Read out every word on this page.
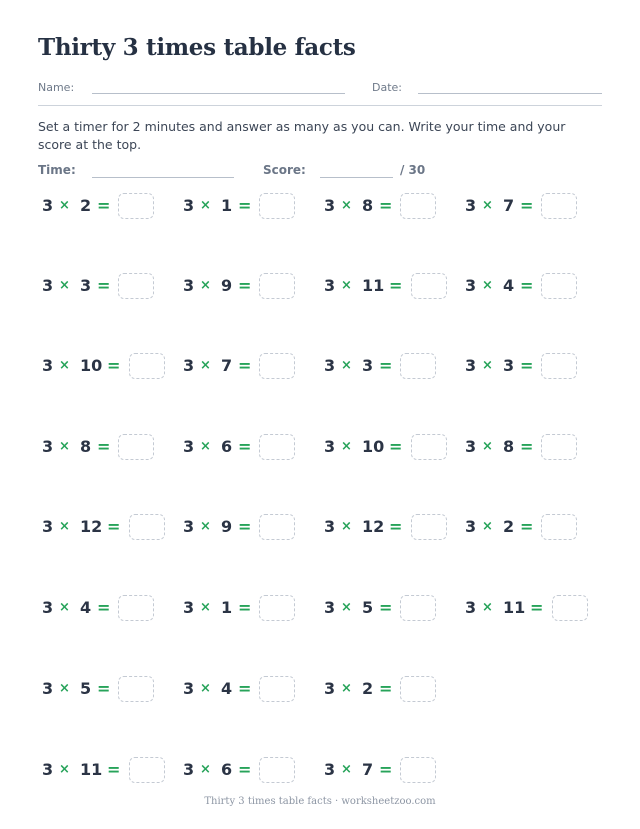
Thirty 3 times table facts
Name:	Date:
Set a timer for 2 minutes and answer as many as you can. Write your time and your score at the top.
Time:	Score:	/ 30
3 × 2 =	3 × 1 =	3 × 8 =	3 × 7 =
3 × 3 =	3 × 9 =	3 × 11 =	3 × 4 =
3 × 10 =	3 × 7 =	3 × 3 =	3 × 3 =
3 × 8 =	3 × 6 =	3 × 10 =	3 × 8 =
3 × 12 =	3 × 9 =	3 × 12 =	3 × 2 =
3 × 4 =	3 × 1 =	3 × 5 =	3 × 11 =
3 × 5 =	3 × 4 =	3 × 2 =
3 × 11 =	3 × 6 =	3 × 7 =
Thirty 3 times table facts · worksheetzoo.com
